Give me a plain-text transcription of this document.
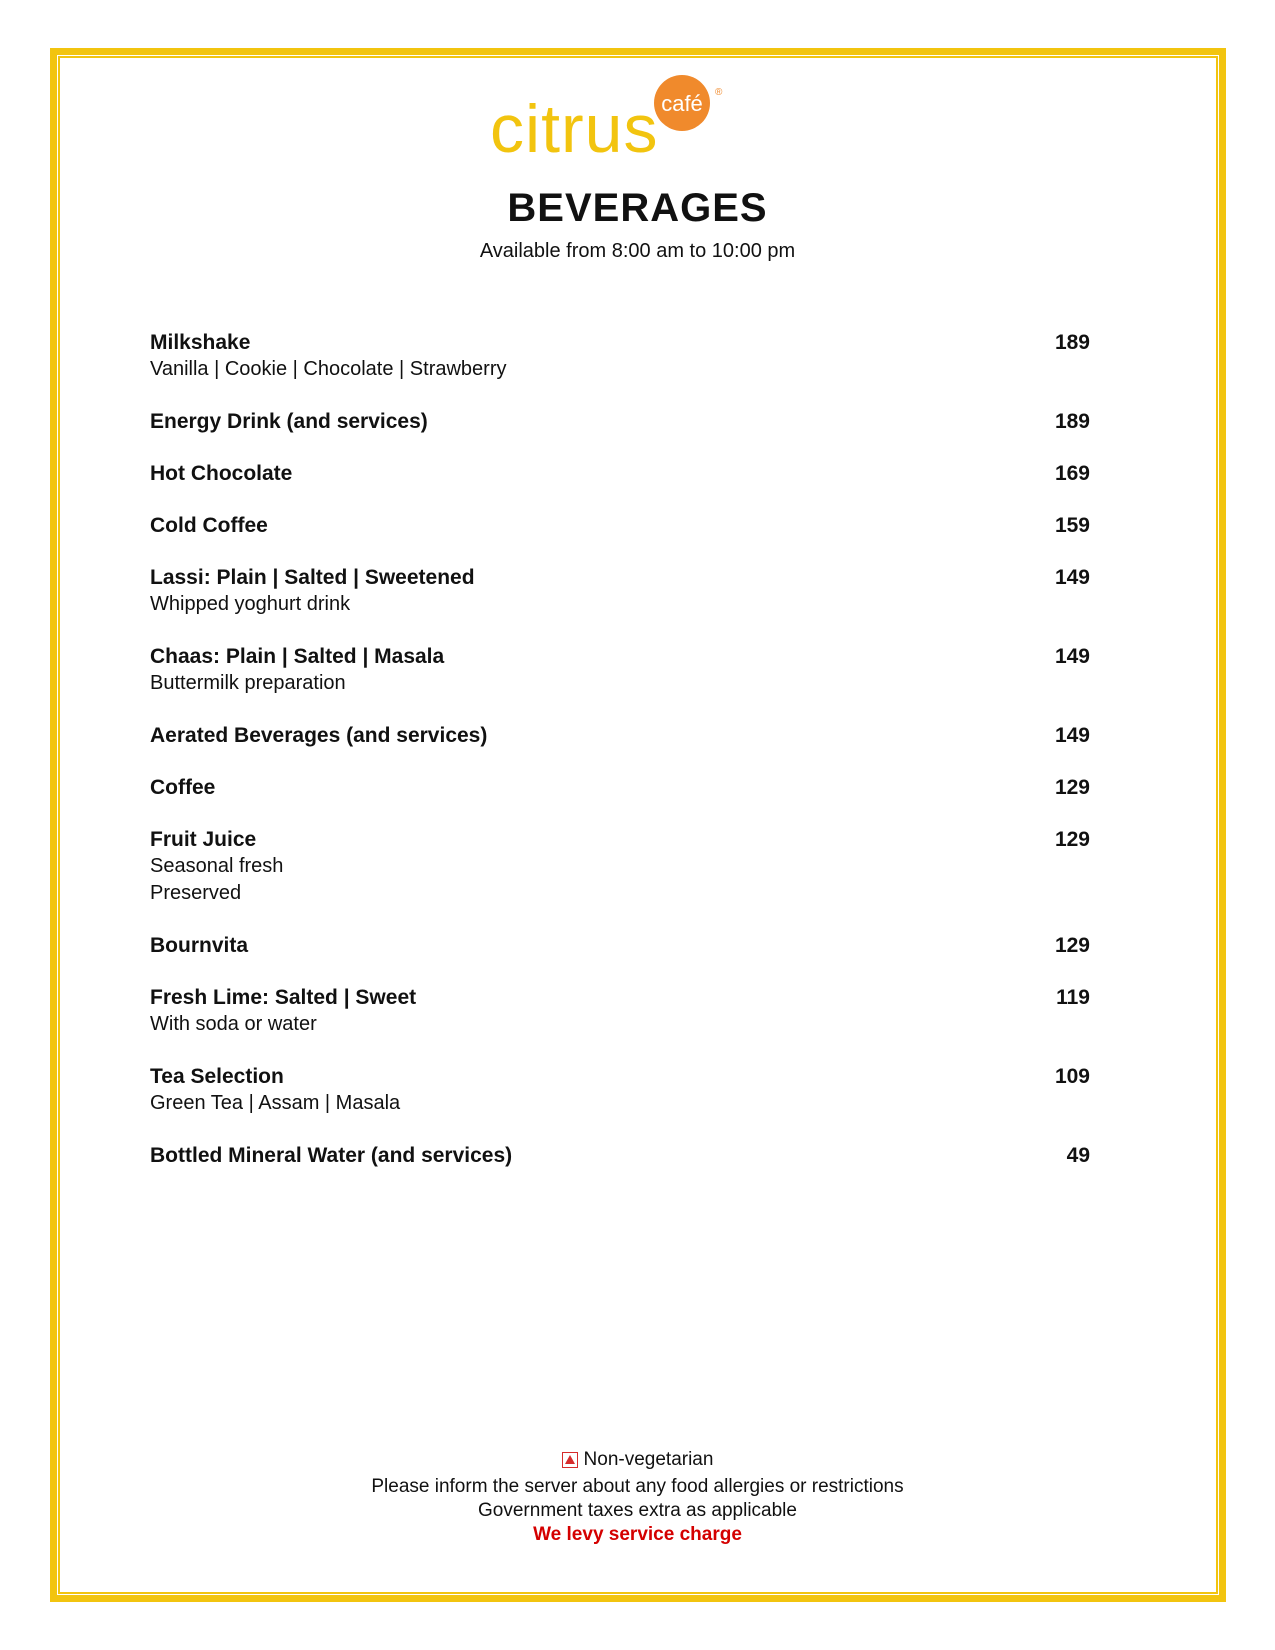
café ®
citrus
BEVERAGES

Available from 8:00 am to 10:00 pm

Milkshake	189
Vanilla | Cookie | Chocolate | Strawberry
Energy Drink (and services)	189
Hot Chocolate	169
Cold Coffee	159
Lassi: Plain | Salted | Sweetened	149
Whipped yoghurt drink
Chaas: Plain | Salted | Masala	149
Buttermilk preparation
Aerated Beverages (and services)	149
Coffee	129
Fruit Juice	129
Seasonal fresh
Preserved
Bournvita	129
Fresh Lime: Salted | Sweet	119
With soda or water
Tea Selection	109
Green Tea | Assam | Masala
Bottled Mineral Water (and services)	49
Non-vegetarian
Please inform the server about any food allergies or restrictions
Government taxes extra as applicable
We levy service charge
